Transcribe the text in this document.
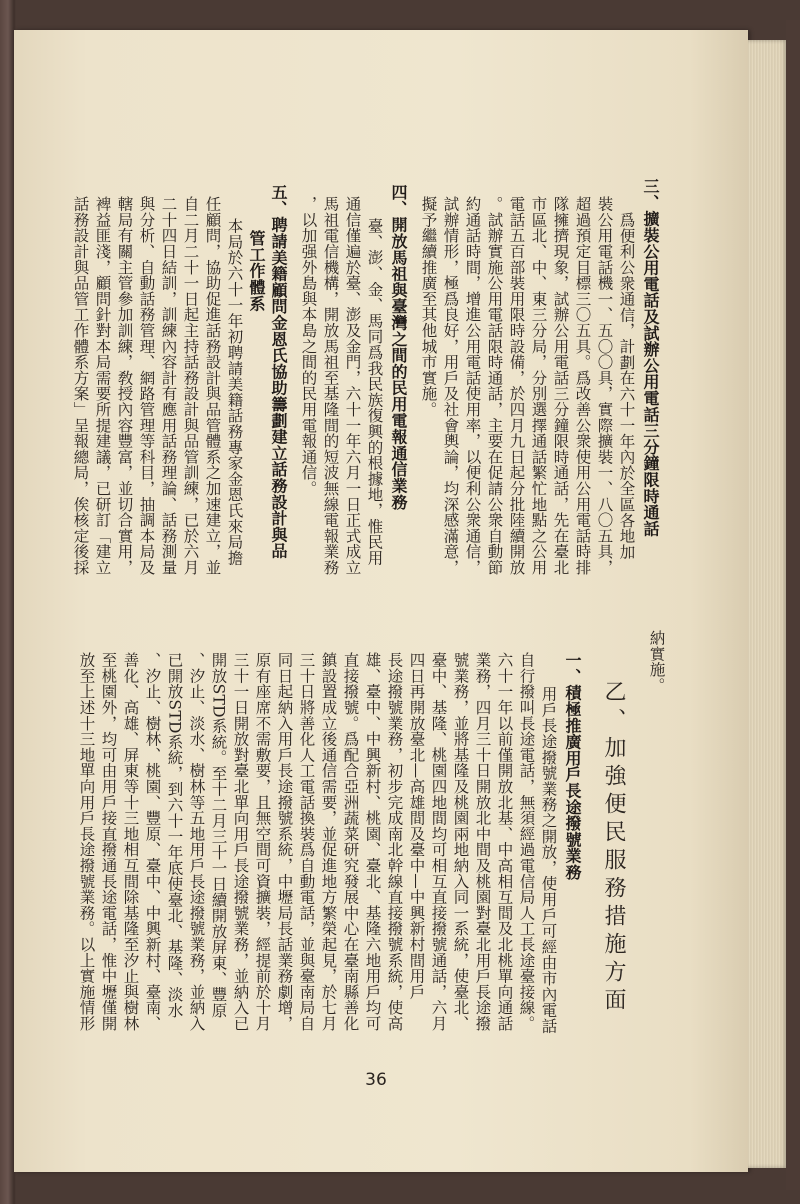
三、擴裝公用電話及試辦公用電話三分鐘限時通話
爲便利公衆通信，計劃在六十一年內於全區各地加
裝公用電話機一、五〇〇具，實際擴裝一、八〇五具，
超過預定目標三〇五具。爲改善公衆使用公用電話時排
隊擁擠現象，試辦公用電話三分鐘限時通話，先在臺北
市區北、中、東三分局，分別選擇通話繁忙地點之公用
電話五百部裝用限時設備，於四月九日起分批陸續開放
。試辦實施公用電話限時通話，主要在促請公衆自動節
約通話時間，增進公用電話使用率，以便利公衆通信，
試辦情形，極爲良好，用戶及社會輿論，均深感滿意，
擬予繼續推廣至其他城市實施。
四、開放馬祖與臺灣之間的民用電報通信業務
臺、澎、金、馬同爲我民族復興的根據地，惟民用
通信僅遍於臺、澎及金門，六十一年六月一日正式成立
馬祖電信機構，開放馬祖至基隆間的短波無線電報業務
，以加强外島與本島之間的民用電報通信。
五、聘請美籍顧問金恩氏協助籌劃建立話務設計與品
管工作體系
本局於六十一年初聘請美籍話務專家金恩氏來局擔
任顧問，協助促進話務設計與品管體系之加速建立，並
自二月二十一日起主持話務設計與品管訓練，已於六月
二十四日結訓，訓練內容計有應用話務理論、話務測量
與分析、自動話務管理、網路管理等科目，抽調本局及
轄局有關主管參加訓練，敎授內容豐富，並切合實用，
裨益匪淺，顧問針對本局需要所提建議，已研訂「建立
話務設計與品管工作體系方案」呈報總局，俟核定後採
納實施。
乙、加強便民服務措施方面
一、積極推廣用戶長途撥號業務
用戶長途撥號業務之開放，使用戶可經由市內電話
自行撥叫長途電話，無須經過電信局人工長途臺接線。
六十一年以前僅開放北基、中高相互間及北桃單向通話
業務，四月三十日開放北中間及桃園對臺北用戶長途撥
號業務，並將基隆及桃園兩地納入同一系統，使臺北、
臺中、基隆、桃園四地間均可相互直接撥號通話，六月
四日再開放臺北—高雄間及臺中—中興新村間用戶
長途撥號業務，初步完成南北幹線直接撥號系統，使高
雄、臺中、中興新村、桃園、臺北、基隆六地用戶均可
直接撥號。爲配合亞洲蔬菜研究發展中心在臺南縣善化
鎮設置成立後通信需要，並促進地方繁榮起見，於七月
三十日將善化人工電話換裝爲自動電話，並與臺南局自
同日起納入用戶長途撥號系統，中壢局長話業務劇增，
原有座席不需敷要，且無空間可資擴裝，經提前於十月
三十一日開放對臺北單向用戶長途撥號業務，並納入已
開放STD系統。至十二月三十一日續開放屏東、豐原
、汐止、淡水、樹林等五地用戶長途撥號業務，並納入
已開放STD系統，到六十一年底使臺北、基隆、淡水
、汐止、樹林、桃園、豐原、臺中、中興新村、臺南、
善化、高雄、屏東等十三地相互間除基隆至汐止與樹林
至桃園外，均可由用戶接直撥通長途電話，惟中壢僅開
放至上述十三地單向用戶長途撥號業務。以上實施情形
36
